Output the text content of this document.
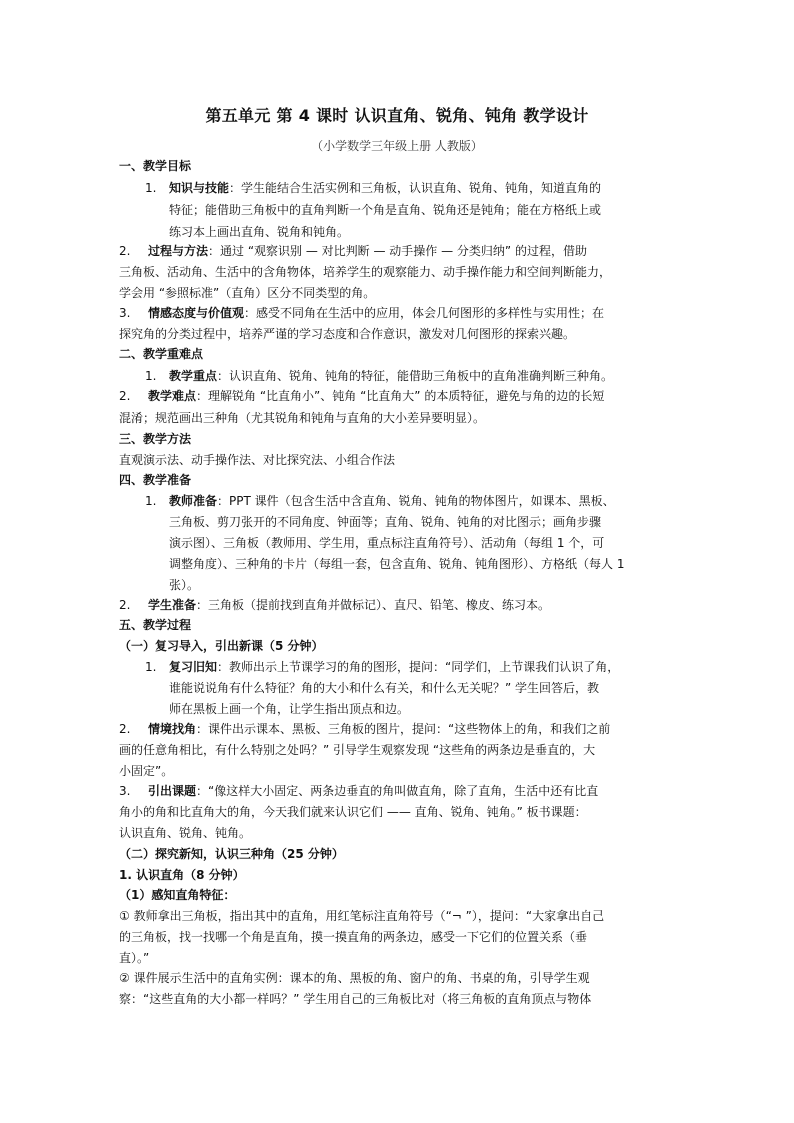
第五单元 第 4 课时 认识直角、锐角、钝角 教学设计
（小学数学三年级上册 人教版）
一、教学目标
1. 知识与技能：学生能结合生活实例和三角板，认识直角、锐角、钝角，知道直角的
特征；能借助三角板中的直角判断一个角是直角、锐角还是钝角；能在方格纸上或
练习本上画出直角、锐角和钝角。
2. 过程与方法：通过 “观察识别 — 对比判断 — 动手操作 — 分类归纳” 的过程，借助
三角板、活动角、生活中的含角物体，培养学生的观察能力、动手操作能力和空间判断能力，
学会用 “参照标准”（直角）区分不同类型的角。
3. 情感态度与价值观：感受不同角在生活中的应用，体会几何图形的多样性与实用性；在
探究角的分类过程中，培养严谨的学习态度和合作意识，激发对几何图形的探索兴趣。
二、教学重难点
1. 教学重点：认识直角、锐角、钝角的特征，能借助三角板中的直角准确判断三种角。
2. 教学难点：理解锐角 “比直角小”、钝角 “比直角大” 的本质特征，避免与角的边的长短
混淆；规范画出三种角（尤其锐角和钝角与直角的大小差异要明显）。
三、教学方法
直观演示法、动手操作法、对比探究法、小组合作法
四、教学准备
1. 教师准备：PPT 课件（包含生活中含直角、锐角、钝角的物体图片，如课本、黑板、
三角板、剪刀张开的不同角度、钟面等；直角、锐角、钝角的对比图示；画角步骤
演示图）、三角板（教师用、学生用，重点标注直角符号）、活动角（每组 1 个，可
调整角度）、三种角的卡片（每组一套，包含直角、锐角、钝角图形）、方格纸（每人 1
张）。
2. 学生准备：三角板（提前找到直角并做标记）、直尺、铅笔、橡皮、练习本。
五、教学过程
（一）复习导入，引出新课（5 分钟）
1. 复习旧知：教师出示上节课学习的角的图形，提问：“同学们，上节课我们认识了角，
谁能说说角有什么特征？角的大小和什么有关，和什么无关呢？” 学生回答后，教
师在黑板上画一个角，让学生指出顶点和边。
2. 情境找角：课件出示课本、黑板、三角板的图片，提问：“这些物体上的角，和我们之前
画的任意角相比，有什么特别之处吗？” 引导学生观察发现 “这些角的两条边是垂直的，大
小固定”。
3. 引出课题：“像这样大小固定、两条边垂直的角叫做直角，除了直角，生活中还有比直
角小的角和比直角大的角，今天我们就来认识它们 —— 直角、锐角、钝角。” 板书课题：
认识直角、锐角、钝角。
（二）探究新知，认识三种角（25 分钟）
1. 认识直角（8 分钟）
（1）感知直角特征：
① 教师拿出三角板，指出其中的直角，用红笔标注直角符号（“¬ ”），提问：“大家拿出自己
的三角板，找一找哪一个角是直角，摸一摸直角的两条边，感受一下它们的位置关系（垂
直）。”
② 课件展示生活中的直角实例：课本的角、黑板的角、窗户的角、书桌的角，引导学生观
察：“这些直角的大小都一样吗？” 学生用自己的三角板比对（将三角板的直角顶点与物体
